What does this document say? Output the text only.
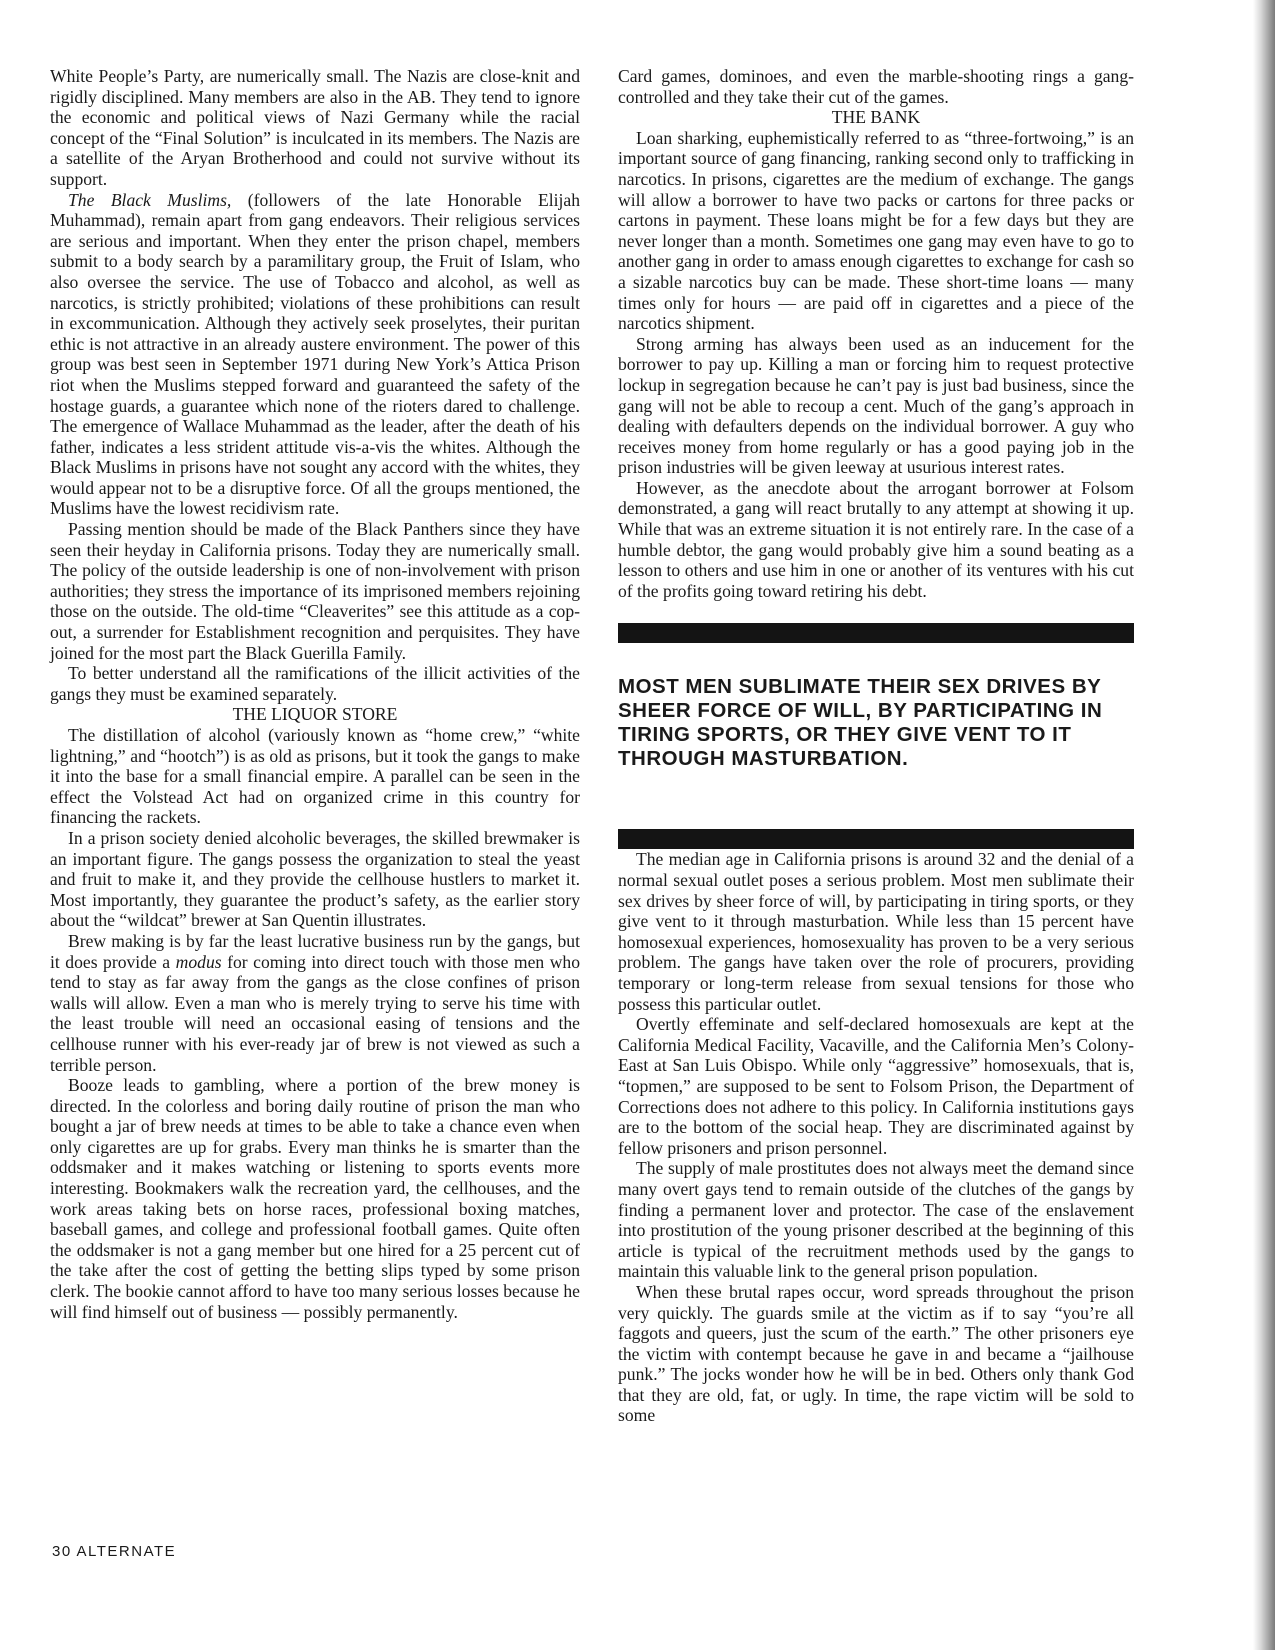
White People’s Party, are numerically small. The Nazis are close-knit and rigidly disciplined. Many members are also in the AB. They tend to ignore the economic and political views of Nazi Germany while the racial concept of the “Final Solution” is inculcated in its members. The Nazis are a satellite of the Aryan Brotherhood and could not survive without its support.

The Black Muslims, (followers of the late Honorable Elijah Muhammad), remain apart from gang endeavors. Their religious services are serious and important. When they enter the prison chapel, members submit to a body search by a paramilitary group, the Fruit of Islam, who also oversee the service. The use of Tobacco and alcohol, as well as narcotics, is strictly prohibited; violations of these prohibitions can result in excommunication. Although they actively seek proselytes, their puritan ethic is not attractive in an already austere environment. The power of this group was best seen in September 1971 during New York’s Attica Prison riot when the Muslims stepped forward and guaranteed the safety of the hostage guards, a guarantee which none of the rioters dared to challenge. The emergence of Wallace Muhammad as the leader, after the death of his father, indicates a less strident attitude vis-a-vis the whites. Although the Black Muslims in prisons have not sought any accord with the whites, they would appear not to be a disruptive force. Of all the groups mentioned, the Muslims have the lowest recidivism rate.

Passing mention should be made of the Black Panthers since they have seen their heyday in California prisons. Today they are numerically small. The policy of the outside leadership is one of non-involvement with prison authorities; they stress the importance of its imprisoned members rejoining those on the outside. The old-time “Cleaverites” see this attitude as a cop-out, a surrender for Establishment recognition and perquisites. They have joined for the most part the Black Guerilla Family.

To better understand all the ramifications of the illicit activities of the gangs they must be examined separately.

THE LIQUOR STORE

The distillation of alcohol (variously known as “home crew,” “white lightning,” and “hootch”) is as old as prisons, but it took the gangs to make it into the base for a small financial empire. A parallel can be seen in the effect the Volstead Act had on organized crime in this country for financing the rackets.

In a prison society denied alcoholic beverages, the skilled brewmaker is an important figure. The gangs possess the organization to steal the yeast and fruit to make it, and they provide the cellhouse hustlers to market it. Most importantly, they guarantee the product’s safety, as the earlier story about the “wildcat” brewer at San Quentin illustrates.

Brew making is by far the least lucrative business run by the gangs, but it does provide a modus for coming into direct touch with those men who tend to stay as far away from the gangs as the close confines of prison walls will allow. Even a man who is merely trying to serve his time with the least trouble will need an occasional easing of tensions and the cellhouse runner with his ever-ready jar of brew is not viewed as such a terrible person.

Booze leads to gambling, where a portion of the brew money is directed. In the colorless and boring daily routine of prison the man who bought a jar of brew needs at times to be able to take a chance even when only cigarettes are up for grabs. Every man thinks he is smarter than the oddsmaker and it makes watching or listening to sports events more interesting. Bookmakers walk the recreation yard, the cellhouses, and the work areas taking bets on horse races, professional boxing matches, baseball games, and college and professional football games. Quite often the oddsmaker is not a gang member but one hired for a 25 percent cut of the take after the cost of getting the betting slips typed by some prison clerk. The bookie cannot afford to have too many serious losses because he will find himself out of business — possibly permanently.

Card games, dominoes, and even the marble-shooting rings a gang-controlled and they take their cut of the games.

THE BANK

Loan sharking, euphemistically referred to as “three-fortwoing,” is an important source of gang financing, ranking second only to trafficking in narcotics. In prisons, cigarettes are the medium of exchange. The gangs will allow a borrower to have two packs or cartons for three packs or cartons in payment. These loans might be for a few days but they are never longer than a month. Sometimes one gang may even have to go to another gang in order to amass enough cigarettes to exchange for cash so a sizable narcotics buy can be made. These short-time loans — many times only for hours — are paid off in cigarettes and a piece of the narcotics shipment.

Strong arming has always been used as an inducement for the borrower to pay up. Killing a man or forcing him to request protective lockup in segregation because he can’t pay is just bad business, since the gang will not be able to recoup a cent. Much of the gang’s approach in dealing with defaulters depends on the individual borrower. A guy who receives money from home regularly or has a good paying job in the prison industries will be given leeway at usurious interest rates.

However, as the anecdote about the arrogant borrower at Folsom demonstrated, a gang will react brutally to any attempt at showing it up. While that was an extreme situation it is not entirely rare. In the case of a humble debtor, the gang would probably give him a sound beating as a lesson to others and use him in one or another of its ventures with his cut of the profits going toward retiring his debt.

MOST MEN SUBLIMATE THEIR SEX DRIVES BY SHEER FORCE OF WILL, BY PARTICIPATING IN TIRING SPORTS, OR THEY GIVE VENT TO IT THROUGH MASTURBATION.

The median age in California prisons is around 32 and the denial of a normal sexual outlet poses a serious problem. Most men sublimate their sex drives by sheer force of will, by participating in tiring sports, or they give vent to it through masturbation. While less than 15 percent have homosexual experiences, homosexuality has proven to be a very serious problem. The gangs have taken over the role of procurers, providing temporary or long-term release from sexual tensions for those who possess this particular outlet.

Overtly effeminate and self-declared homosexuals are kept at the California Medical Facility, Vacaville, and the California Men’s Colony-East at San Luis Obispo. While only “aggressive” homosexuals, that is, “topmen,” are supposed to be sent to Folsom Prison, the Department of Corrections does not adhere to this policy. In California institutions gays are to the bottom of the social heap. They are discriminated against by fellow prisoners and prison personnel.

The supply of male prostitutes does not always meet the demand since many overt gays tend to remain outside of the clutches of the gangs by finding a permanent lover and protector. The case of the enslavement into prostitution of the young prisoner described at the beginning of this article is typical of the recruitment methods used by the gangs to maintain this valuable link to the general prison population.

When these brutal rapes occur, word spreads throughout the prison very quickly. The guards smile at the victim as if to say “you’re all faggots and queers, just the scum of the earth.” The other prisoners eye the victim with contempt because he gave in and became a “jailhouse punk.” The jocks wonder how he will be in bed. Others only thank God that they are old, fat, or ugly. In time, the rape victim will be sold to some

30 ALTERNATE
